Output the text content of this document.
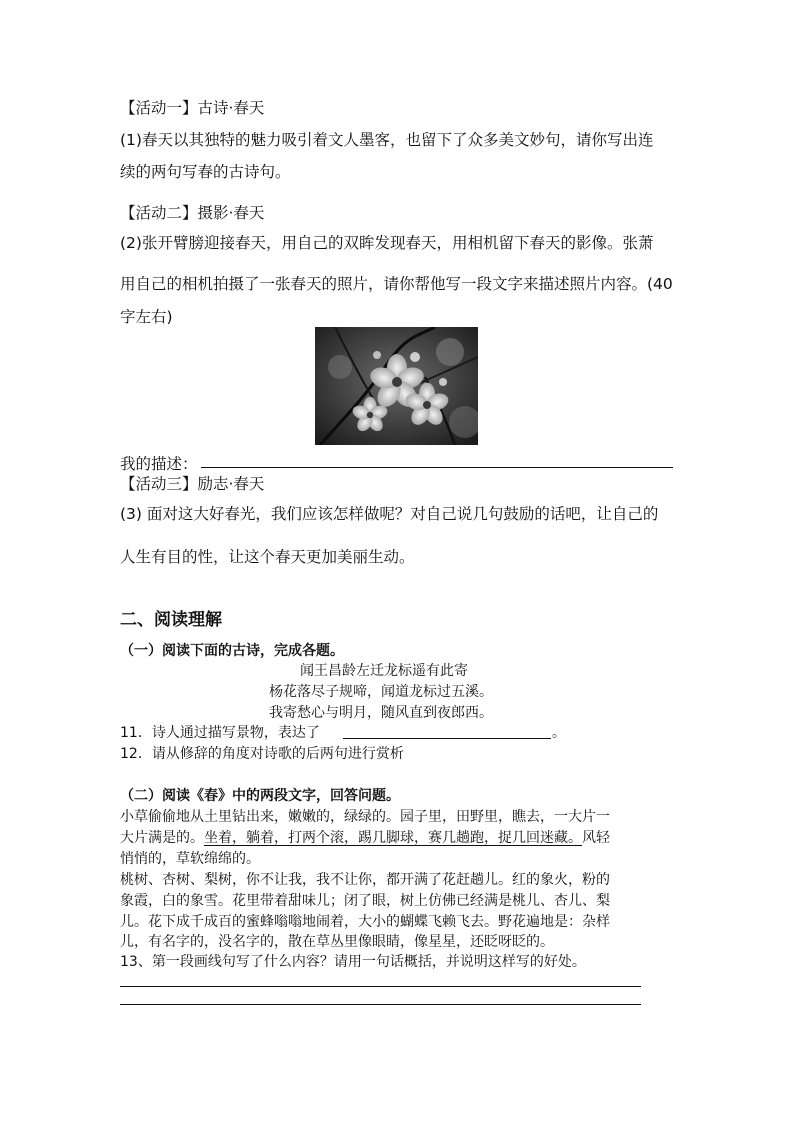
【活动一】古诗·春天
(1)春天以其独特的魅力吸引着文人墨客，也留下了众多美文妙句，请你写出连
续的两句写春的古诗句。
【活动二】摄影·春天
(2)张开臂膀迎接春天，用自己的双眸发现春天，用相机留下春天的影像。张萧
用自己的相机拍摄了一张春天的照片，请你帮他写一段文字来描述照片内容。(40
字左右)
我的描述：
【活动三】励志·春天
(3) 面对这大好春光，我们应该怎样做呢？对自己说几句鼓励的话吧，让自己的
人生有目的性，让这个春天更加美丽生动。
二、阅读理解
（一）阅读下面的古诗，完成各题。
闻王昌龄左迁龙标遥有此寄
杨花落尽子规啼，闻道龙标过五溪。
我寄愁心与明月，随风直到夜郎西。
11．诗人通过描写景物，表达了	。
12．请从修辞的角度对诗歌的后两句进行赏析
（二）阅读《春》中的两段文字，回答问题。
小草偷偷地从土里钻出来，嫩嫩的，绿绿的。园子里，田野里，瞧去，一大片一
大片满是的。坐着，躺着，打两个滚，踢几脚球，赛几趟跑，捉几回迷藏。风轻
悄悄的，草软绵绵的。
桃树、杏树、梨树，你不让我，我不让你，都开满了花赶趟儿。红的象火，粉的
象霞，白的象雪。花里带着甜味儿；闭了眼，树上仿佛已经满是桃儿、杏儿、梨
儿。花下成千成百的蜜蜂嗡嗡地闹着，大小的蝴蝶飞赖飞去。野花遍地是：杂样
儿，有名字的，没名字的，散在草丛里像眼睛，像星星，还眨呀眨的。
13、第一段画线句写了什么内容？请用一句话概括，并说明这样写的好处。
